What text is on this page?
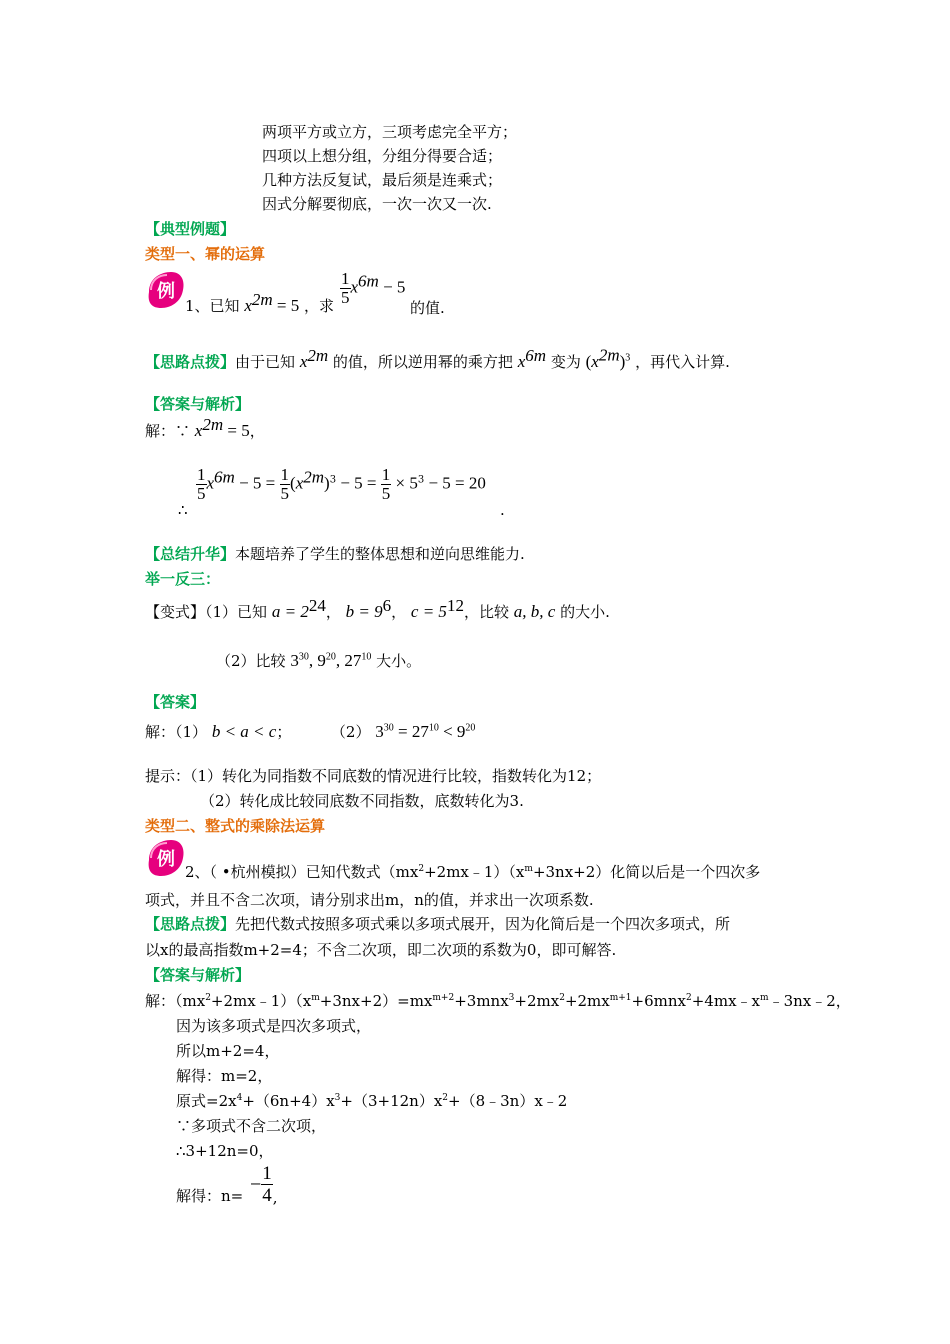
两项平方或立方，三项考虑完全平方；
四项以上想分组，分组分得要合适；
几种方法反复试，最后须是连乘式；
因式分解要彻底，一次一次又一次.
【典型例题】
类型一、幂的运算
例
1、已知 $x^{2m} = 5$ ，求 $\frac{1}{5} x^{6m} - 5$
的值.
【思路点拨】由于已知 $x^{2m}$ 的值，所以逆用幂的乘方把 $x^{6m}$ 变为 $(x^{2m})^3$ ，再代入计算.
【答案与解析】
解：∵ $x^{2m} = 5$，
∴
$\frac{1}{5} x^{6m} - 5 = \frac{1}{5} (x^{2m})^3 - 5 = \frac{1}{5} \times 5^3 - 5 = 20$
.
【总结升华】本题培养了学生的整体思想和逆向思维能力.
举一反三：
【变式】（1）已知 $a = 2^{24}$， $b = 9^6$， $c = 5^{12}$，比较 a, b, c 的大小.
（2）比较 $3^{30}$, $9^{20}$, $27^{10}$ 大小。
【答案】
解：（1） b < a < c；	（2） $3^{30} = 27^{10} < 9^{20}$
提示：（1）转化为同指数不同底数的情况进行比较，指数转化为12；
（2）转化成比较同底数不同指数，底数转化为3.
类型二、整式的乘除法运算
例
2、（ •杭州模拟）已知代数式$(mx^2+2mx﹣1)(x^m+3nx+2)$化简以后是一个四次多
项式，并且不含二次项，请分别求出m，n的值，并求出一次项系数.
【思路点拨】先把代数式按照多项式乘以多项式展开，因为化简后是一个四次多项式，所
以x的最高指数m+2=4；不含二次项，即二次项的系数为0，即可解答.
【答案与解析】
解：$(mx^2+2mx﹣1)(x^m+3nx+2)=mx^{m+2}+3mnx^3+2mx^2+2mx^{m+1}+6mnx^2+4mx﹣x^m﹣3nx﹣2$，
因为该多项式是四次多项式，
所以m+2=4，
解得：m=2，
原式$=2x^4+(6n+4)x^3+(3+12n)x^2+(8﹣3n)x﹣2$
∵多项式不含二次项，
∴3+12n=0，
解得：n=
− $\frac{1}{4}$ ,
